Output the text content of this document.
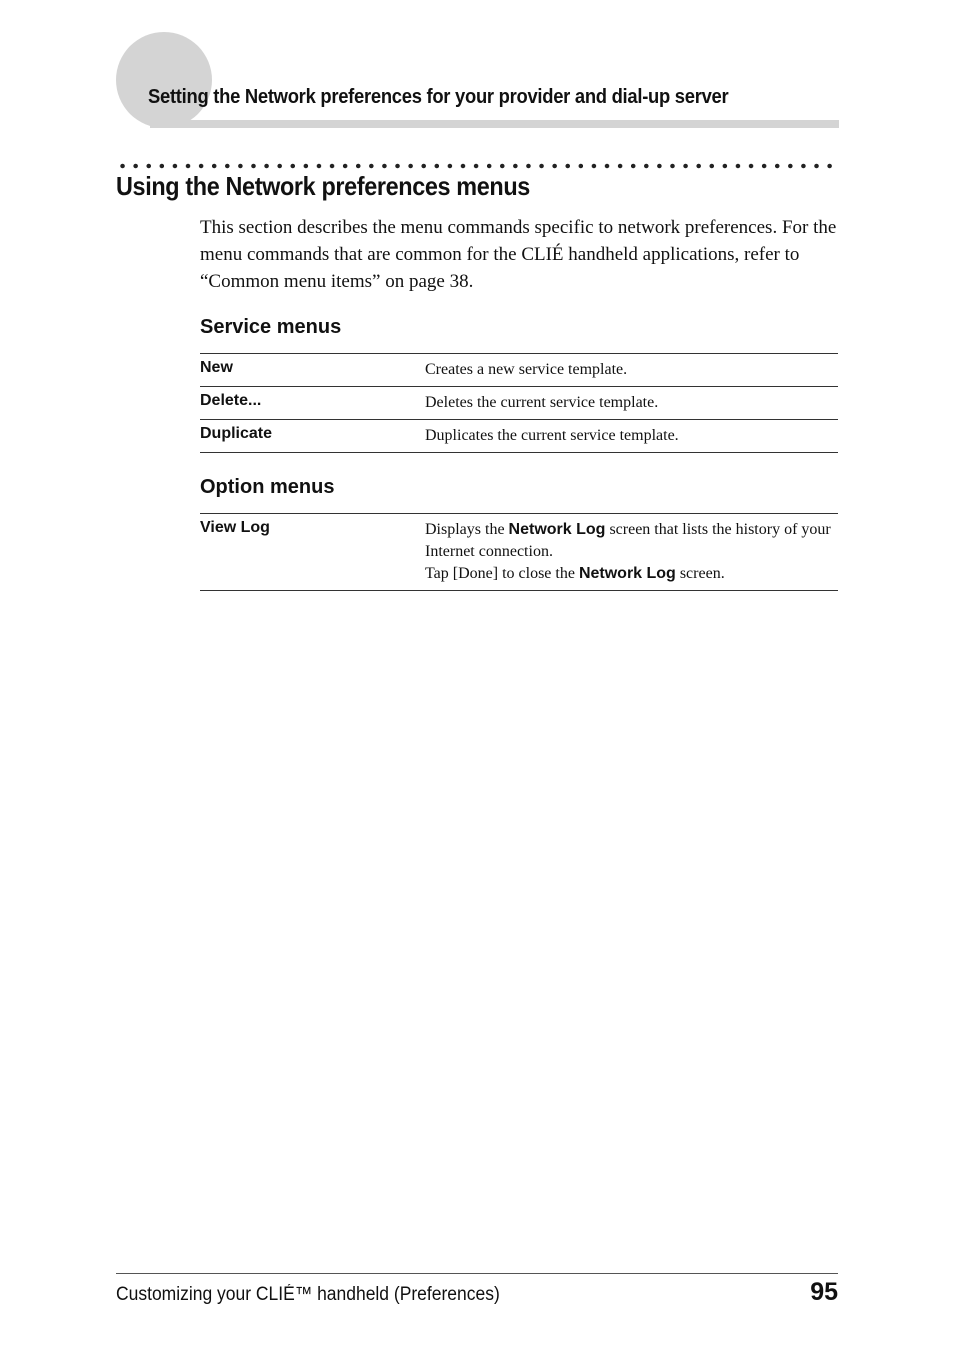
Setting the Network preferences for your provider and dial-up server
Using the Network preferences menus

This section describes the menu commands specific to network preferences. For the menu commands that are common for the CLIÉ handheld applications, refer to “Common menu items” on page 38.

Service menus
New	Creates a new service template.
Delete...	Deletes the current service template.
Duplicate	Duplicates the current service template.
Option menus
View Log	Displays the Network Log screen that lists the history of your Internet connection.
Tap [Done] to close the Network Log screen.
Customizing your CLIÉ™ handheld (Preferences)	95
